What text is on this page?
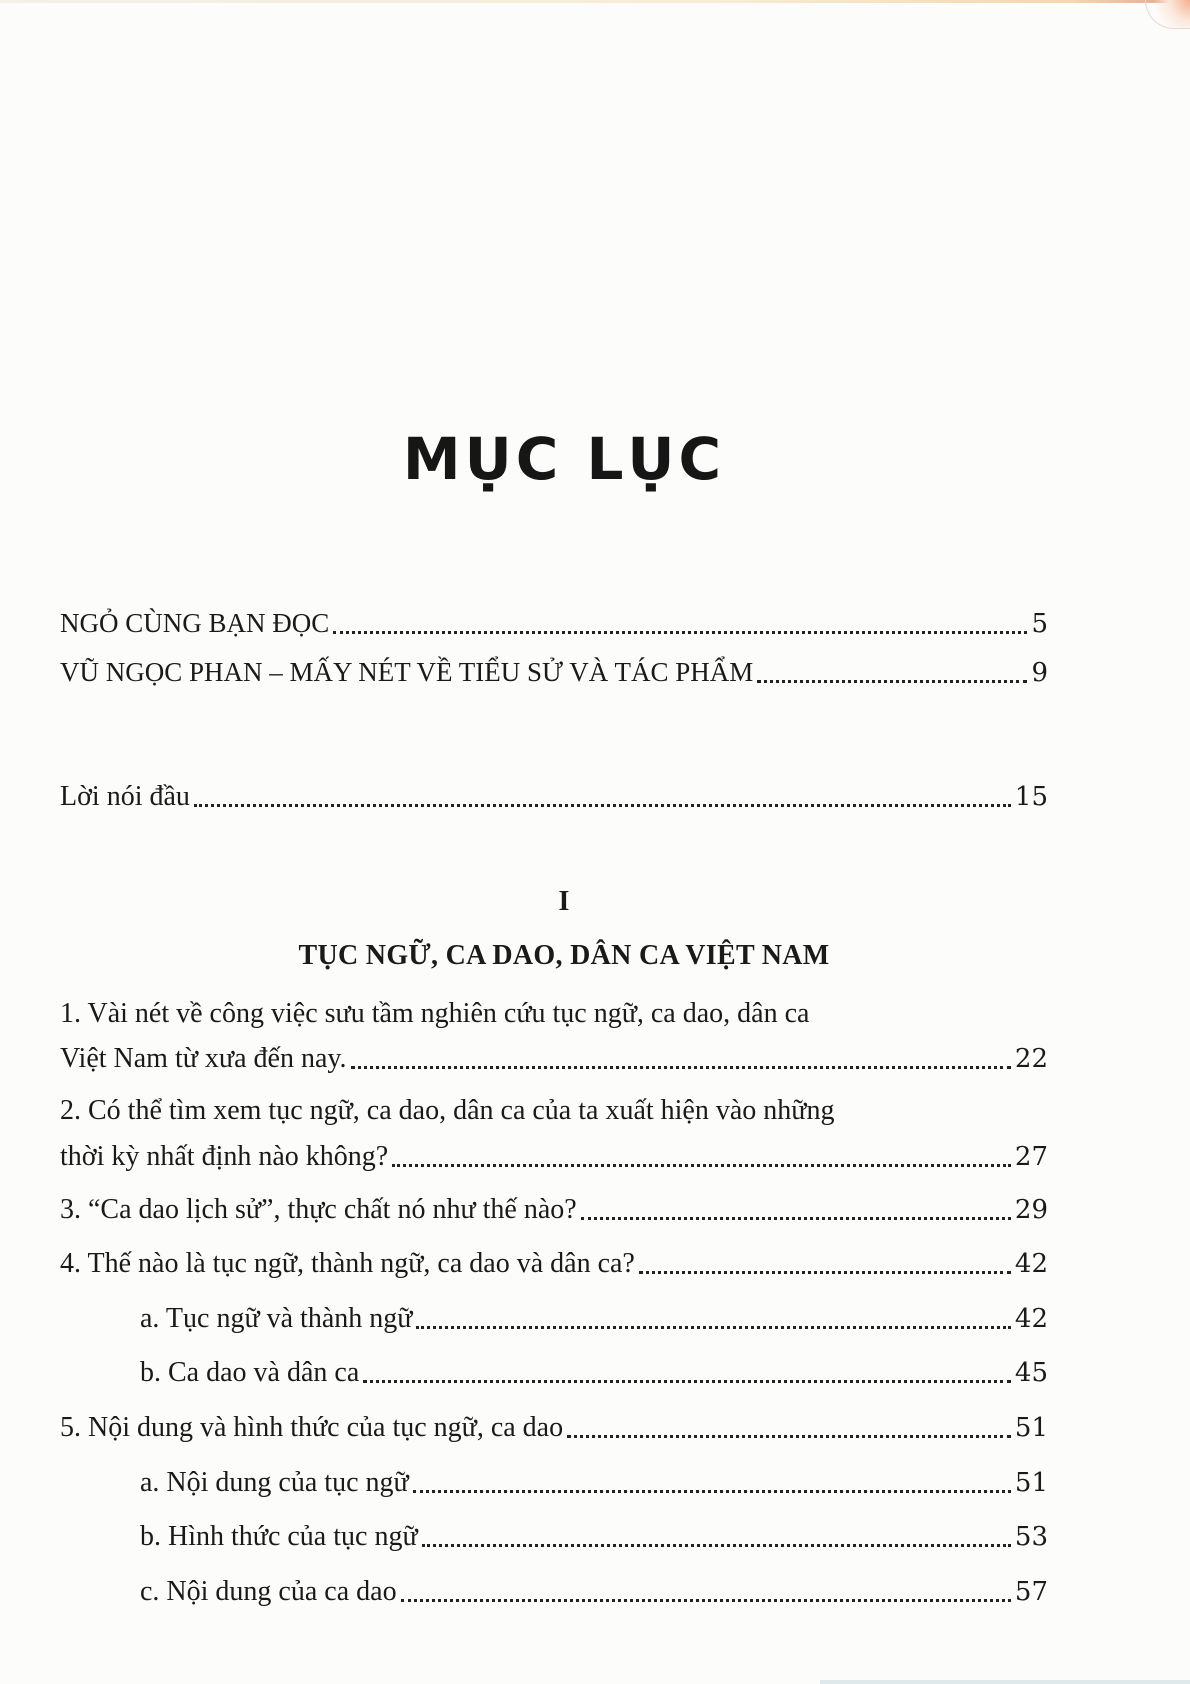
MỤC LỤC
NGỎ CÙNG BẠN ĐỌC	5
VŨ NGỌC PHAN – MẤY NÉT VỀ TIỂU SỬ VÀ TÁC PHẨM	9
Lời nói đầu	15
I
TỤC NGỮ, CA DAO, DÂN CA VIỆT NAM
1. Vài nét về công việc sưu tầm nghiên cứu tục ngữ, ca dao, dân ca
Việt Nam từ xưa đến nay.	22
2. Có thể tìm xem tục ngữ, ca dao, dân ca của ta xuất hiện vào những
thời kỳ nhất định nào không?	27
3. “Ca dao lịch sử”, thực chất nó như thế nào?	29
4. Thế nào là tục ngữ, thành ngữ, ca dao và dân ca?	42
a. Tục ngữ và thành ngữ	42
b. Ca dao và dân ca	45
5. Nội dung và hình thức của tục ngữ, ca dao	51
a. Nội dung của tục ngữ	51
b. Hình thức của tục ngữ	53
c. Nội dung của ca dao	57
